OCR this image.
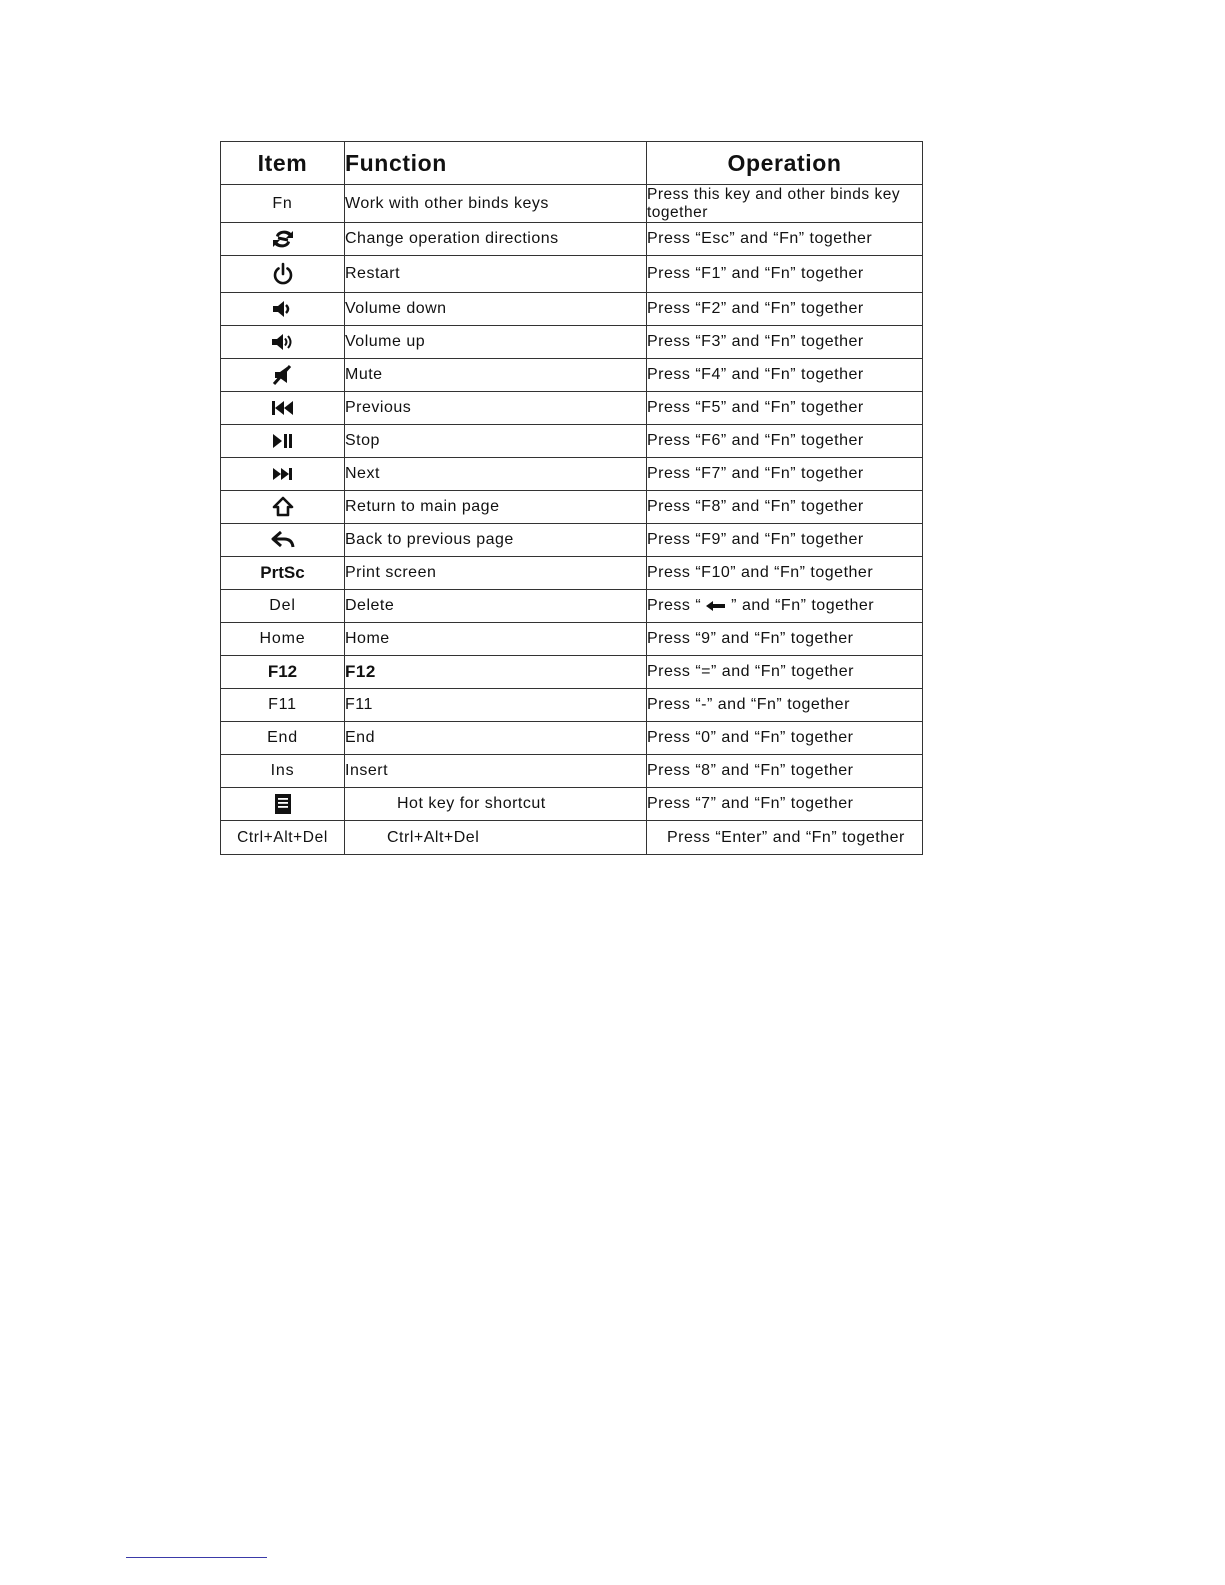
Item	Function	Operation
Fn	Work with other binds keys	Press this key and other binds key together

	Change operation directions	Press “Esc” and “Fn” together

	Restart	Press “F1” and “Fn” together

	Volume down	Press “F2” and “Fn” together

	Volume up	Press “F3” and “Fn” together

	Mute	Press “F4” and “Fn” together

	Previous	Press “F5” and “Fn” together

	Stop	Press “F6” and “Fn” together

	Next	Press “F7” and “Fn” together

	Return to main page	Press “F8” and “Fn” together

	Back to previous page	Press “F9” and “Fn” together
PrtSc	Print screen	Press “F10” and “Fn” together
Del	Delete	Press “ ” and “Fn” together
Home	Home	Press “9” and “Fn” together
F12	F12	Press “=” and “Fn” together
F11	F11	Press “-” and “Fn” together
End	End	Press “0” and “Fn” together
Ins	Insert	Press “8” and “Fn” together

	Hot key for shortcut	Press “7” and “Fn” together
Ctrl+Alt+Del	Ctrl+Alt+Del	Press “Enter” and “Fn” together
